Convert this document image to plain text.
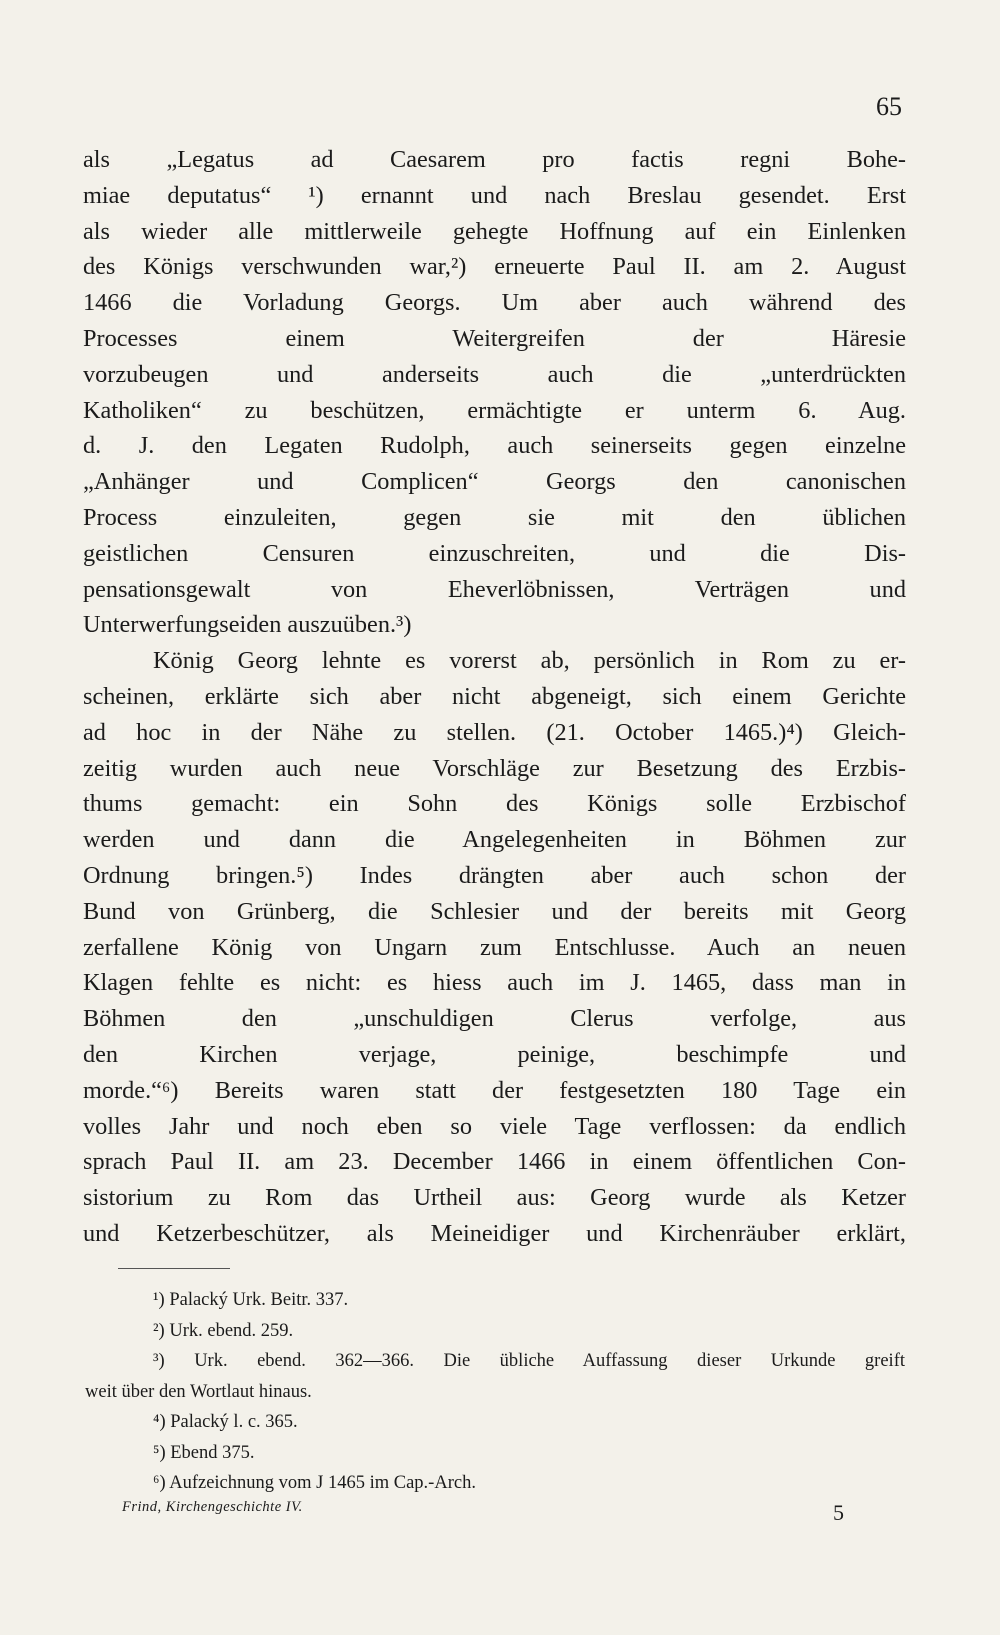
65
als „Legatus ad Caesarem pro factis regni Bohe-
miae deputatus“ ¹) ernannt und nach Breslau gesendet. Erst
als wieder alle mittlerweile gehegte Hoffnung auf ein Einlenken
des Königs verschwunden war,²) erneuerte Paul II. am 2. August
1466 die Vorladung Georgs. Um aber auch während des
Processes einem Weitergreifen der Häresie
vorzubeugen und anderseits auch die „unterdrückten
Katholiken“ zu beschützen, ermächtigte er unterm 6. Aug.
d. J. den Legaten Rudolph, auch seinerseits gegen einzelne
„Anhänger und Complicen“ Georgs den canonischen
Process einzuleiten, gegen sie mit den üblichen
geistlichen Censuren einzuschreiten, und die Dis-
pensationsgewalt von Eheverlöbnissen, Verträgen und
Unterwerfungseiden auszuüben.³)
König Georg lehnte es vorerst ab, persönlich in Rom zu er-
scheinen, erklärte sich aber nicht abgeneigt, sich einem Gerichte
ad hoc in der Nähe zu stellen. (21. October 1465.)⁴) Gleich-
zeitig wurden auch neue Vorschläge zur Besetzung des Erzbis-
thums gemacht: ein Sohn des Königs solle Erzbischof
werden und dann die Angelegenheiten in Böhmen zur
Ordnung bringen.⁵) Indes drängten aber auch schon der
Bund von Grünberg, die Schlesier und der bereits mit Georg
zerfallene König von Ungarn zum Entschlusse. Auch an neuen
Klagen fehlte es nicht: es hiess auch im J. 1465, dass man in
Böhmen den „unschuldigen Clerus verfolge, aus
den Kirchen verjage, peinige, beschimpfe und
morde.“⁶) Bereits waren statt der festgesetzten 180 Tage ein
volles Jahr und noch eben so viele Tage verflossen: da endlich
sprach Paul II. am 23. December 1466 in einem öffentlichen Con-
sistorium zu Rom das Urtheil aus: Georg wurde als Ketzer
und Ketzerbeschützer, als Meineidiger und Kirchenräuber erklärt,
¹) Palacký Urk. Beitr. 337.
²) Urk. ebend. 259.
³) Urk. ebend. 362—366. Die übliche Auffassung dieser Urkunde greift
weit über den Wortlaut hinaus.
⁴) Palacký l. c. 365.
⁵) Ebend 375.
⁶) Aufzeichnung vom J 1465 im Cap.-Arch.
Frind, Kirchengeschichte IV.	5
